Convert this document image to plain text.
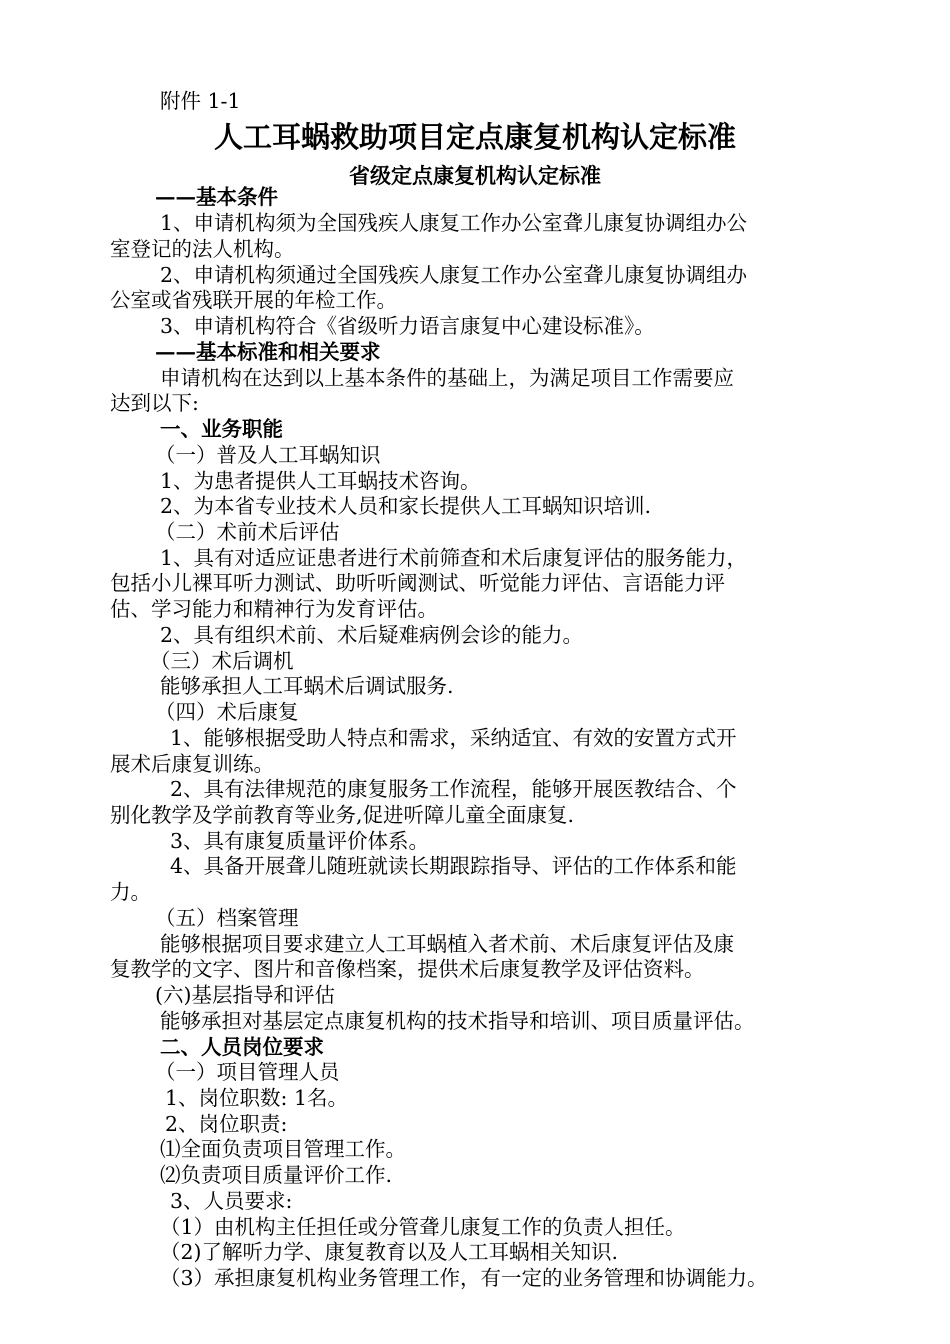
附件 1-1
人工耳蜗救助项目定点康复机构认定标准
省级定点康复机构认定标准
——基本条件
1、申请机构须为全国残疾人康复工作办公室聋儿康复协调组办公
室登记的法人机构。
2、申请机构须通过全国残疾人康复工作办公室聋儿康复协调组办
公室或省残联开展的年检工作。
3、申请机构符合《省级听力语言康复中心建设标准》。
——基本标准和相关要求
申请机构在达到以上基本条件的基础上，为满足项目工作需要应
达到以下:
一、业务职能
（一）普及人工耳蜗知识
1、为患者提供人工耳蜗技术咨询。
2、为本省专业技术人员和家长提供人工耳蜗知识培训.
（二）术前术后评估
1、具有对适应证患者进行术前筛查和术后康复评估的服务能力，
包括小儿裸耳听力测试、助听听阈测试、听觉能力评估、言语能力评
估、学习能力和精神行为发育评估。
2、具有组织术前、术后疑难病例会诊的能力。
（三）术后调机
能够承担人工耳蜗术后调试服务.
（四）术后康复
1、能够根据受助人特点和需求，采纳适宜、有效的安置方式开
展术后康复训练。
2、具有法律规范的康复服务工作流程，能够开展医教结合、个
别化教学及学前教育等业务,促进听障儿童全面康复.
3、具有康复质量评价体系。
4、具备开展聋儿随班就读长期跟踪指导、评估的工作体系和能
力。
（五）档案管理
能够根据项目要求建立人工耳蜗植入者术前、术后康复评估及康
复教学的文字、图片和音像档案，提供术后康复教学及评估资料。
(六)基层指导和评估
能够承担对基层定点康复机构的技术指导和培训、项目质量评估。
二、人员岗位要求
（一）项目管理人员
1、岗位职数: 1名。
2、岗位职责:
⑴全面负责项目管理工作。
⑵负责项目质量评价工作.
3、人员要求:
（1）由机构主任担任或分管聋儿康复工作的负责人担任。
（2)了解听力学、康复教育以及人工耳蜗相关知识.
（3）承担康复机构业务管理工作，有一定的业务管理和协调能力。
